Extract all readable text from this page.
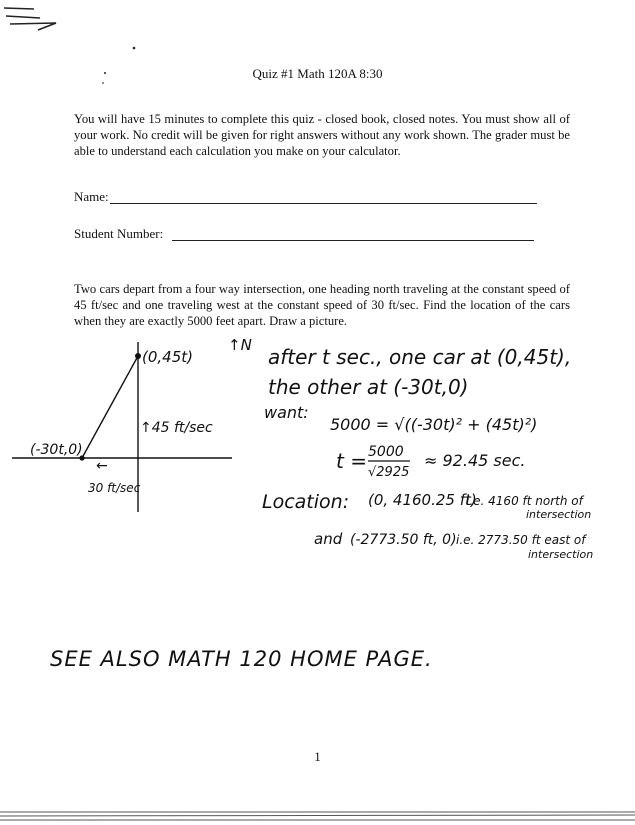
Quiz #1 Math 120A 8:30
You will have 15 minutes to complete this quiz - closed book, closed notes. You must show all of your work. No credit will be given for right answers without any work shown. The grader must be able to understand each calculation you make on your calculator.
Name:
Student Number:
Two cars depart from a four way intersection, one heading north traveling at the constant speed of 45 ft/sec and one traveling west at the constant speed of 30 ft/sec. Find the location of the cars when they are exactly 5000 feet apart. Draw a picture.
1
(0,45t)
↑N
↑45 ft/sec
(-30t,0)
←
30 ft/sec
after t sec., one car at (0,45t),
the other at (-30t,0)
want:
5000 = √((-30t)² + (45t)²)
t = 5000
√2925
≈ 92.45 sec.
Location: (0, 4160.25 ft)
i.e. 4160 ft north of
intersection
and (-2773.50 ft, 0) i.e. 2773.50 ft east of
intersection
SEE ALSO MATH 120 HOME PAGE.
